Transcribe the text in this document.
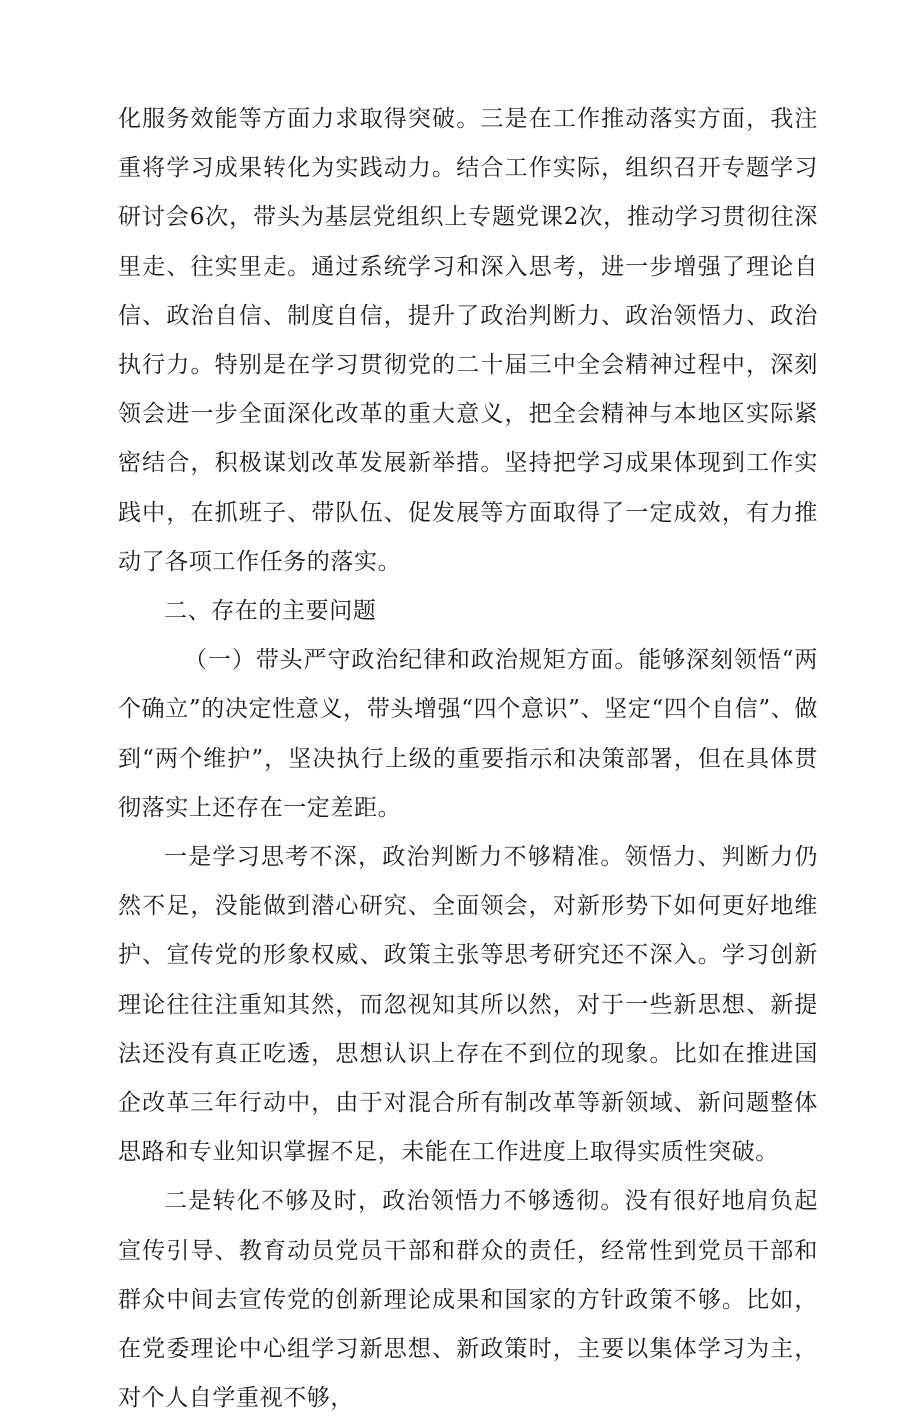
化服务效能等方面力求取得突破。三是在工作推动落实方面，我注重将学习成果转化为实践动力。结合工作实际，组织召开专题学习研讨会6次，带头为基层党组织上专题党课2次，推动学习贯彻往深里走、往实里走。通过系统学习和深入思考，进一步增强了理论自信、政治自信、制度自信，提升了政治判断力、政治领悟力、政治执行力。特别是在学习贯彻党的二十届三中全会精神过程中，深刻领会进一步全面深化改革的重大意义，把全会精神与本地区实际紧密结合，积极谋划改革发展新举措。坚持把学习成果体现到工作实践中，在抓班子、带队伍、促发展等方面取得了一定成效，有力推动了各项工作任务的落实。

二、存在的主要问题

（一）带头严守政治纪律和政治规矩方面。能够深刻领悟“两个确立”的决定性意义，带头增强“四个意识”、坚定“四个自信”、做到“两个维护”，坚决执行上级的重要指示和决策部署，但在具体贯彻落实上还存在一定差距。

一是学习思考不深，政治判断力不够精准。领悟力、判断力仍然不足，没能做到潜心研究、全面领会，对新形势下如何更好地维护、宣传党的形象权威、政策主张等思考研究还不深入。学习创新理论往往注重知其然，而忽视知其所以然，对于一些新思想、新提法还没有真正吃透，思想认识上存在不到位的现象。比如在推进国企改革三年行动中，由于对混合所有制改革等新领域、新问题整体思路和专业知识掌握不足，未能在工作进度上取得实质性突破。

二是转化不够及时，政治领悟力不够透彻。没有很好地肩负起宣传引导、教育动员党员干部和群众的责任，经常性到党员干部和群众中间去宣传党的创新理论成果和国家的方针政策不够。比如，在党委理论中心组学习新思想、新政策时，主要以集体学习为主，对个人自学重视不够，
